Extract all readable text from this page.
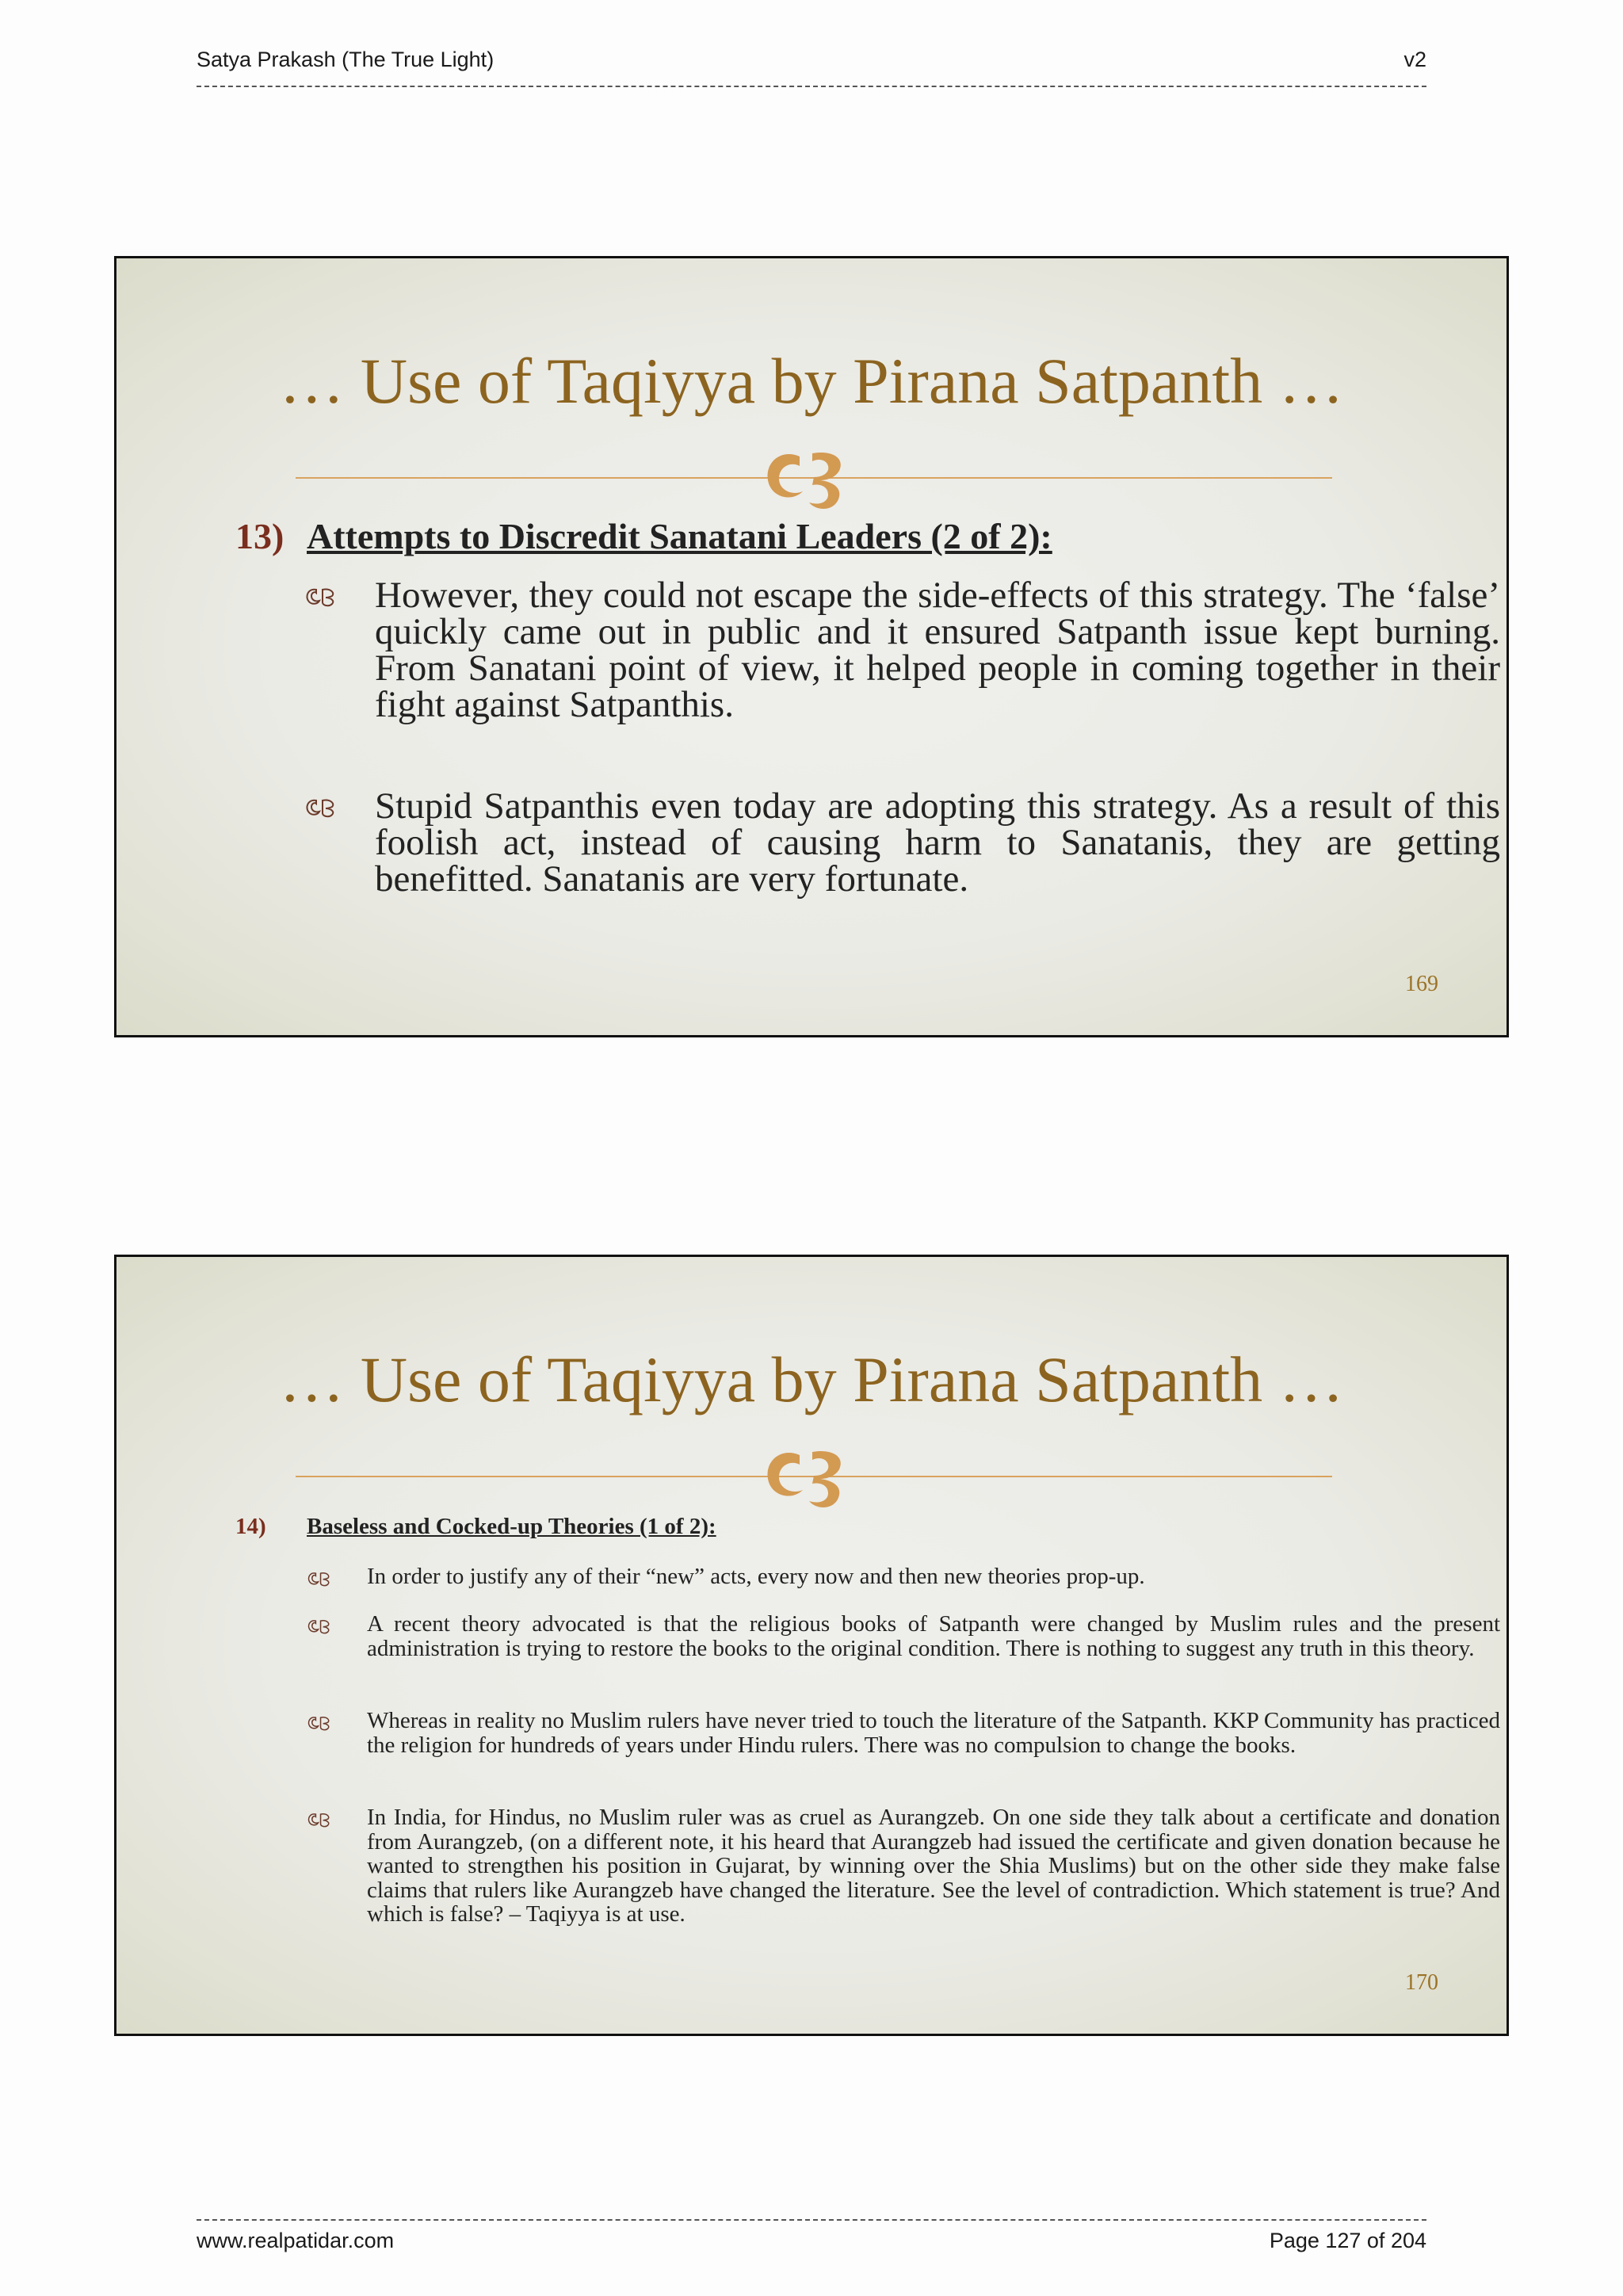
Satya Prakash (The True Light)	v2
… Use of Taqiyya by Pirana Satpanth …
13) Attempts to Discredit Sanatani Leaders (2 of 2):
However, they could not escape the side-effects of this strategy. The ‘false’ quickly came out in public and it ensured Satpanth issue kept burning. From Sanatani point of view, it helped people in coming together in their fight against Satpanthis.
Stupid Satpanthis even today are adopting this strategy. As a result of this foolish act, instead of causing harm to Sanatanis, they are getting benefitted. Sanatanis are very fortunate.
169
… Use of Taqiyya by Pirana Satpanth …
14) Baseless and Cocked-up Theories (1 of 2):
In order to justify any of their “new” acts, every now and then new theories prop-up.
A recent theory advocated is that the religious books of Satpanth were changed by Muslim rules and the present administration is trying to restore the books to the original condition. There is nothing to suggest any truth in this theory.
Whereas in reality no Muslim rulers have never tried to touch the literature of the Satpanth. KKP Community has practiced the religion for hundreds of years under Hindu rulers. There was no compulsion to change the books.
In India, for Hindus, no Muslim ruler was as cruel as Aurangzeb. On one side they talk about a certificate and donation from Aurangzeb, (on a different note, it his heard that Aurangzeb had issued the certificate and given donation because he wanted to strengthen his position in Gujarat, by winning over the Shia Muslims) but on the other side they make false claims that rulers like Aurangzeb have changed the literature. See the level of contradiction. Which statement is true? And which is false? – Taqiyya is at use.
170
www.realpatidar.com	Page 127 of 204
